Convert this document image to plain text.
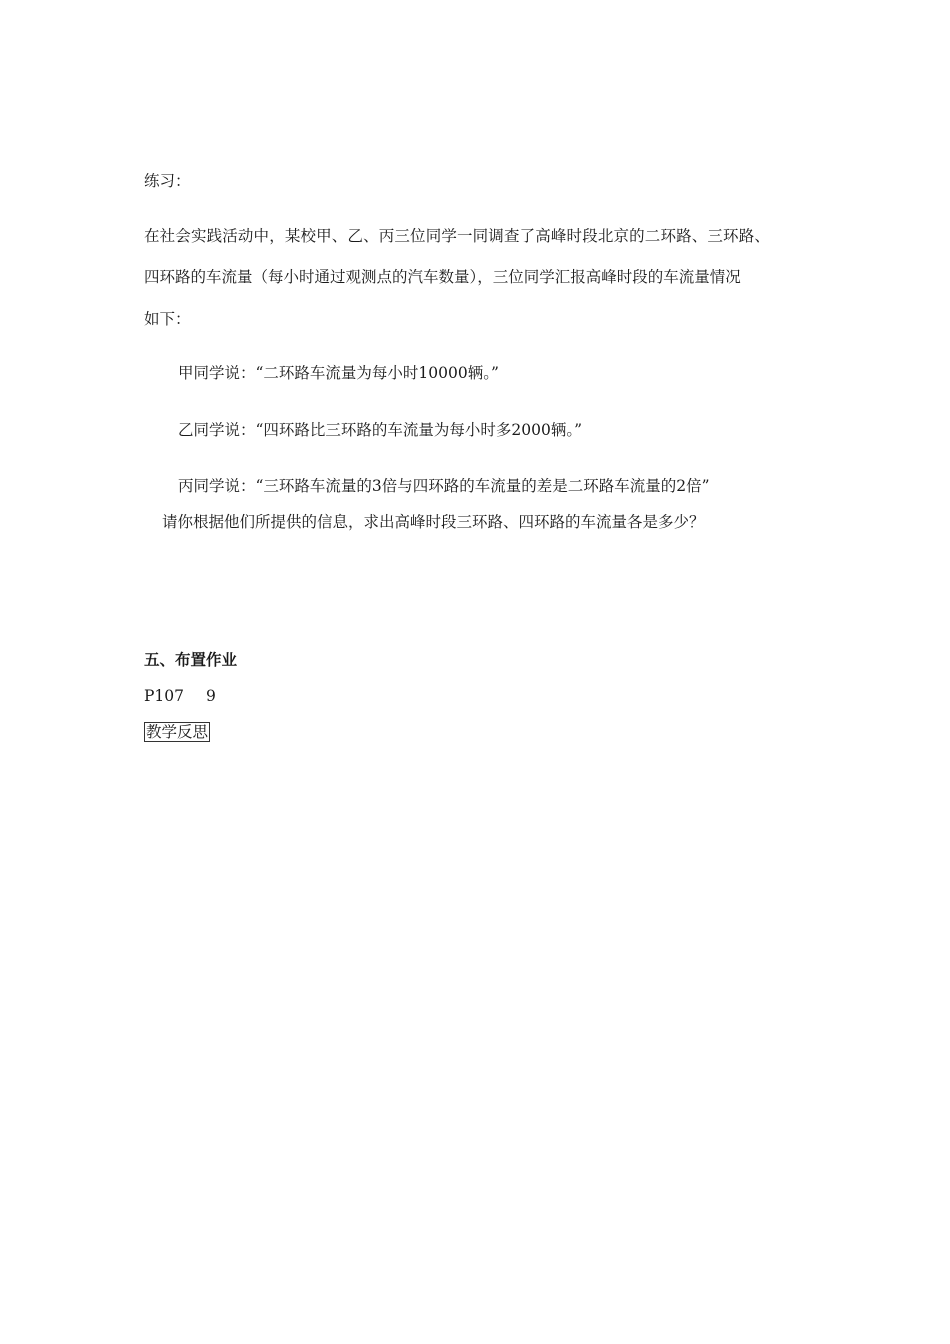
练习：
在社会实践活动中，某校甲、乙、丙三位同学一同调查了高峰时段北京的二环路、三环路、
四环路的车流量（每小时通过观测点的汽车数量），三位同学汇报高峰时段的车流量情况
如下：
甲同学说：“二环路车流量为每小时10000辆。”
乙同学说：“四环路比三环路的车流量为每小时多2000辆。”
丙同学说：“三环路车流量的3倍与四环路的车流量的差是二环路车流量的2倍”
请你根据他们所提供的信息，求出高峰时段三环路、四环路的车流量各是多少？
五、布置作业
P107 9
教学反思
